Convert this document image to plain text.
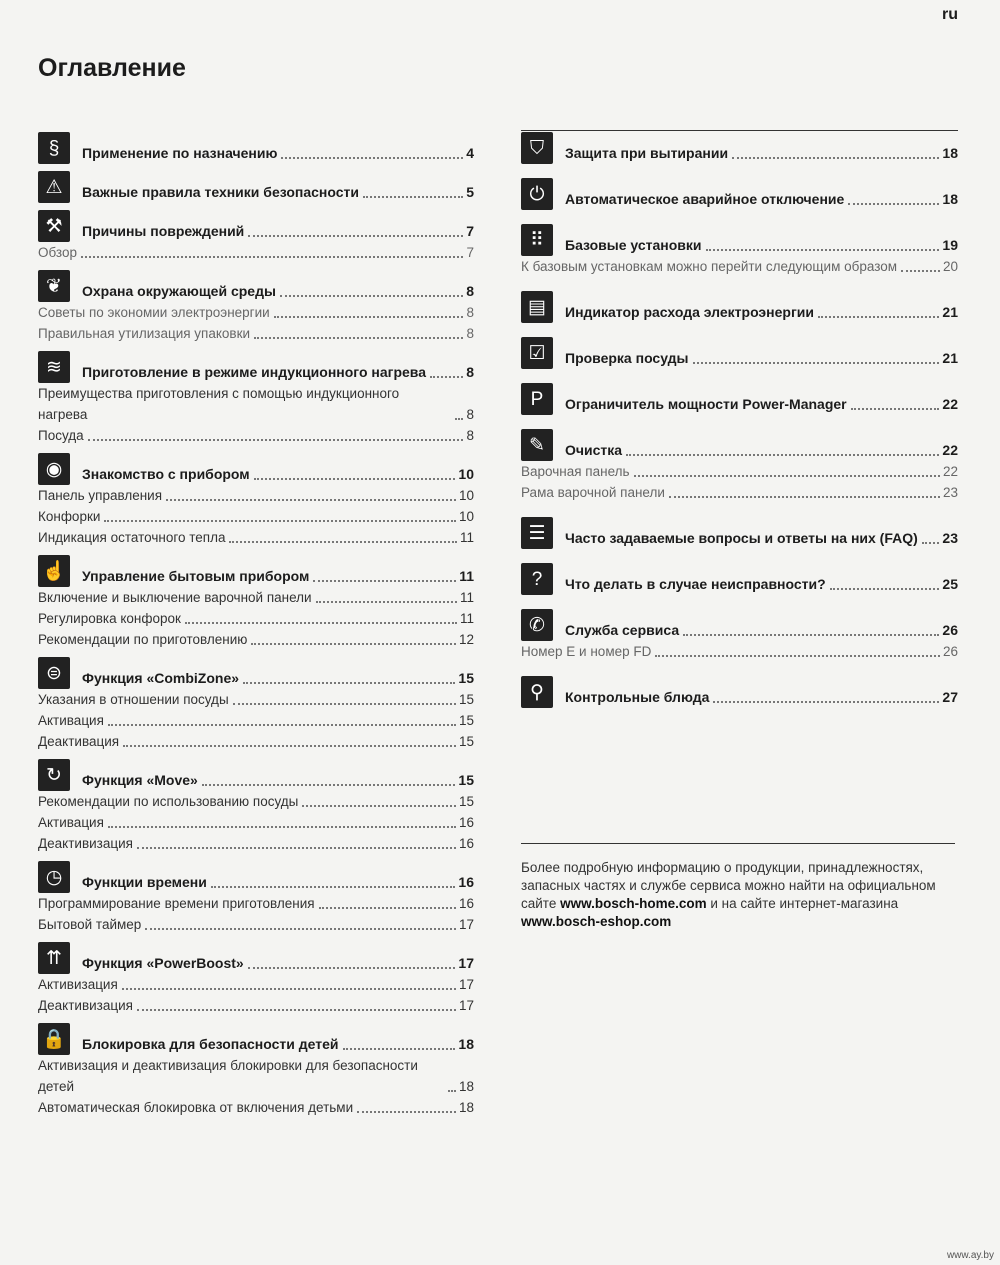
ru
Оглавление
§	Применение по назначению	4
⚠	Важные правила техники безопасности	5
⚒	Причины повреждений	7
Обзор	7
❦	Охрана окружающей среды	8
Советы по экономии электроэнергии	8
Правильная утилизация упаковки	8
≋	Приготовление в режиме индукционного нагрева	8
Преимущества приготовления с помощью индукционного нагрева	8
Посуда	8
◉	Знакомство с прибором	10
Панель управления	10
Конфорки	10
Индикация остаточного тепла	11
☝ Управление бытовым прибором	11
Включение и выключение варочной панели	11
Регулировка конфорок	11
Рекомендации по приготовлению	12
⊜	Функция «CombiZone»	15
Указания в отношении посуды	15
Активация	15
Деактивация	15
↻	Функция «Move»	15
Рекомендации по использованию посуды	15
Активация	16
Деактивизация	16
◷	Функции времени	16
Программирование времени приготовления	16
Бытовой таймер	17
⇈	Функция «PowerBoost»	17
Активизация	17
Деактивизация	17
🔒 Блокировка для безопасности детей	18
Активизация и деактивизация блокировки для безопасности детей	18
Автоматическая блокировка от включения детьми	18
⛉	Защита при вытирании	18
⏻	Автоматическое аварийное отключение	18
⠿	Базовые установки	19
К базовым установкам можно перейти следующим образом	20
▤	Индикатор расхода электроэнергии	21
☑	Проверка посуды	21
P	Ограничитель мощности Power-Manager	22
✎	Очистка	22
Варочная панель	22
Рама варочной панели	23
☰	Часто задаваемые вопросы и ответы на них (FAQ) 23
?	Что делать в случае неисправности?	25
✆	Служба сервиса	26
Номер E и номер FD	26
⚲	Контрольные блюда	27

Более подробную информацию о продукции, принадлежностях, запасных частях и службе сервиса можно найти на официальном сайте www.bosch-home.com и на сайте интернет-магазина www.bosch-eshop.com

www.ay.by
